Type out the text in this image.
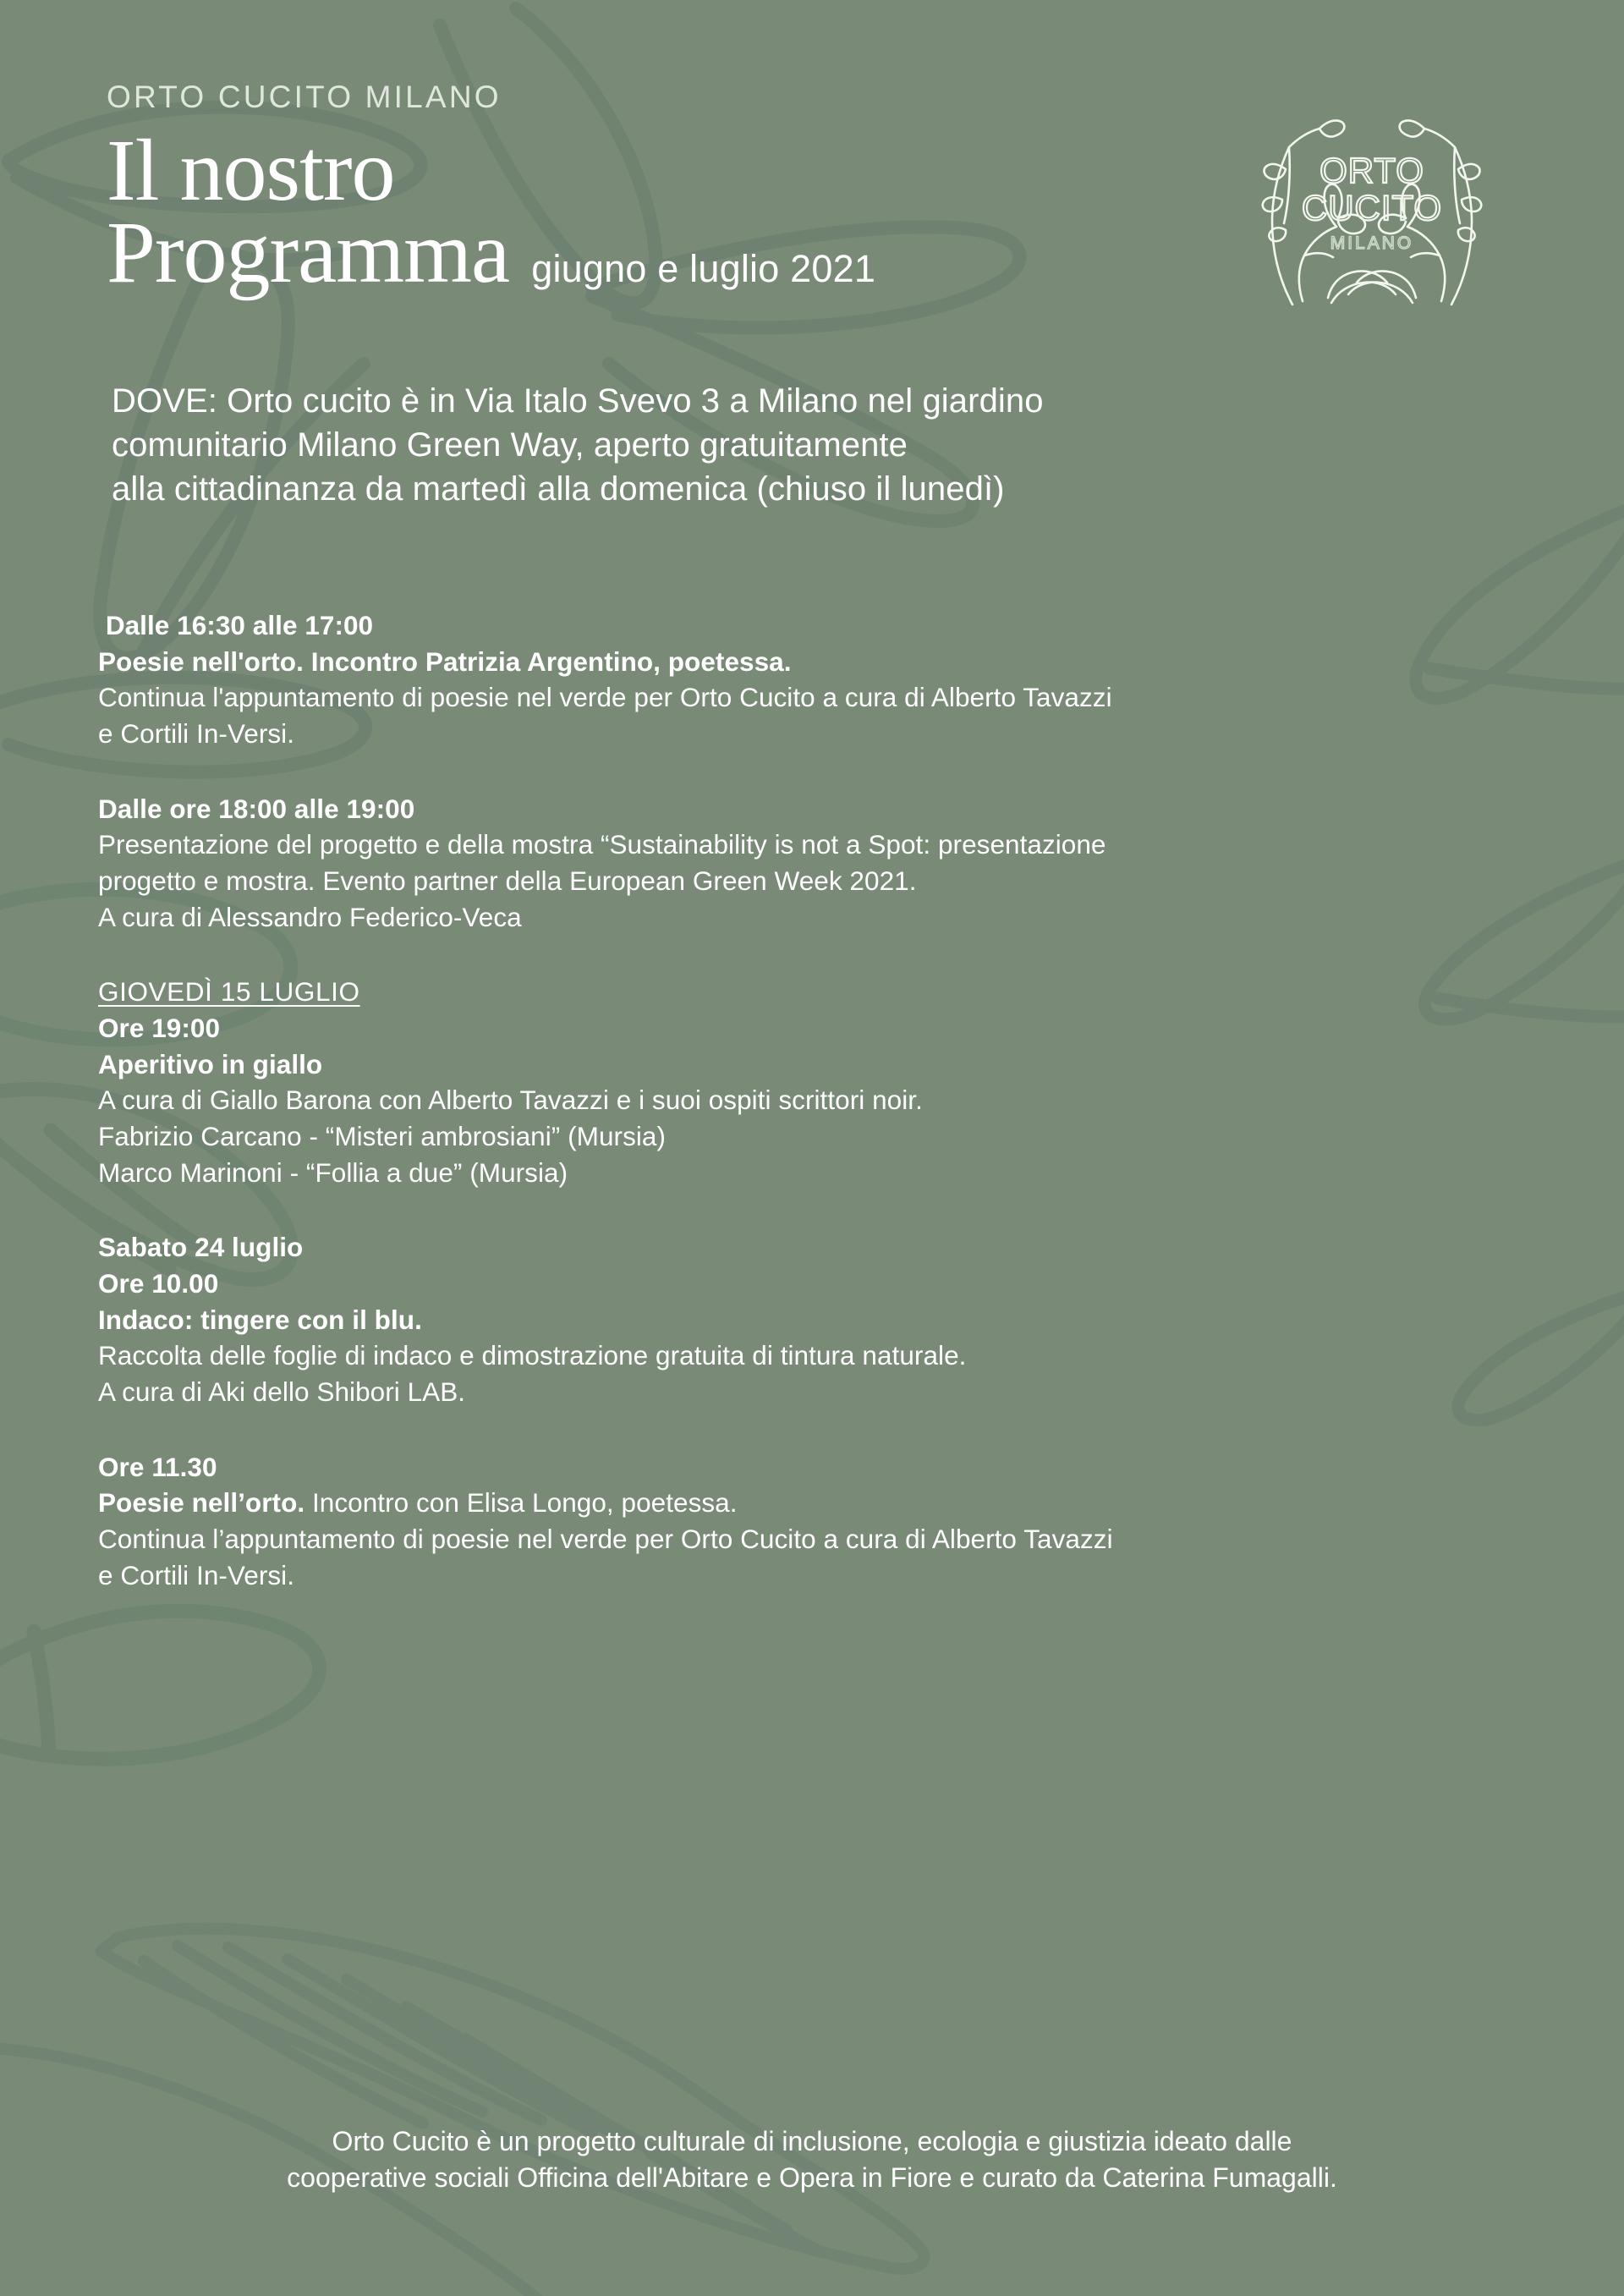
ORTO CUCITO MILANO
Il nostro
Programma giugno e luglio 2021
ORTO
CUCITO
MILANO
DOVE: Orto cucito è in Via Italo Svevo 3 a Milano nel giardino
comunitario Milano Green Way, aperto gratuitamente
alla cittadinanza da martedì alla domenica (chiuso il lunedì)
Dalle 16:30 alle 17:00
Poesie nell'orto. Incontro Patrizia Argentino, poetessa.
Continua l'appuntamento di poesie nel verde per Orto Cucito a cura di Alberto Tavazzi
e Cortili In-Versi.
Dalle ore 18:00 alle 19:00
Presentazione del progetto e della mostra “Sustainability is not a Spot: presentazione
progetto e mostra. Evento partner della European Green Week 2021.
A cura di Alessandro Federico-Veca
GIOVEDÌ 15 LUGLIO
Ore 19:00
Aperitivo in giallo
A cura di Giallo Barona con Alberto Tavazzi e i suoi ospiti scrittori noir.
Fabrizio Carcano - “Misteri ambrosiani” (Mursia)
Marco Marinoni - “Follia a due” (Mursia)
Sabato 24 luglio
Ore 10.00
Indaco: tingere con il blu.
Raccolta delle foglie di indaco e dimostrazione gratuita di tintura naturale.
A cura di Aki dello Shibori LAB.
Ore 11.30
Poesie nell’orto. Incontro con Elisa Longo, poetessa.
Continua l’appuntamento di poesie nel verde per Orto Cucito a cura di Alberto Tavazzi
e Cortili In-Versi.
Orto Cucito è un progetto culturale di inclusione, ecologia e giustizia ideato dalle
cooperative sociali Officina dell'Abitare e Opera in Fiore e curato da Caterina Fumagalli.
